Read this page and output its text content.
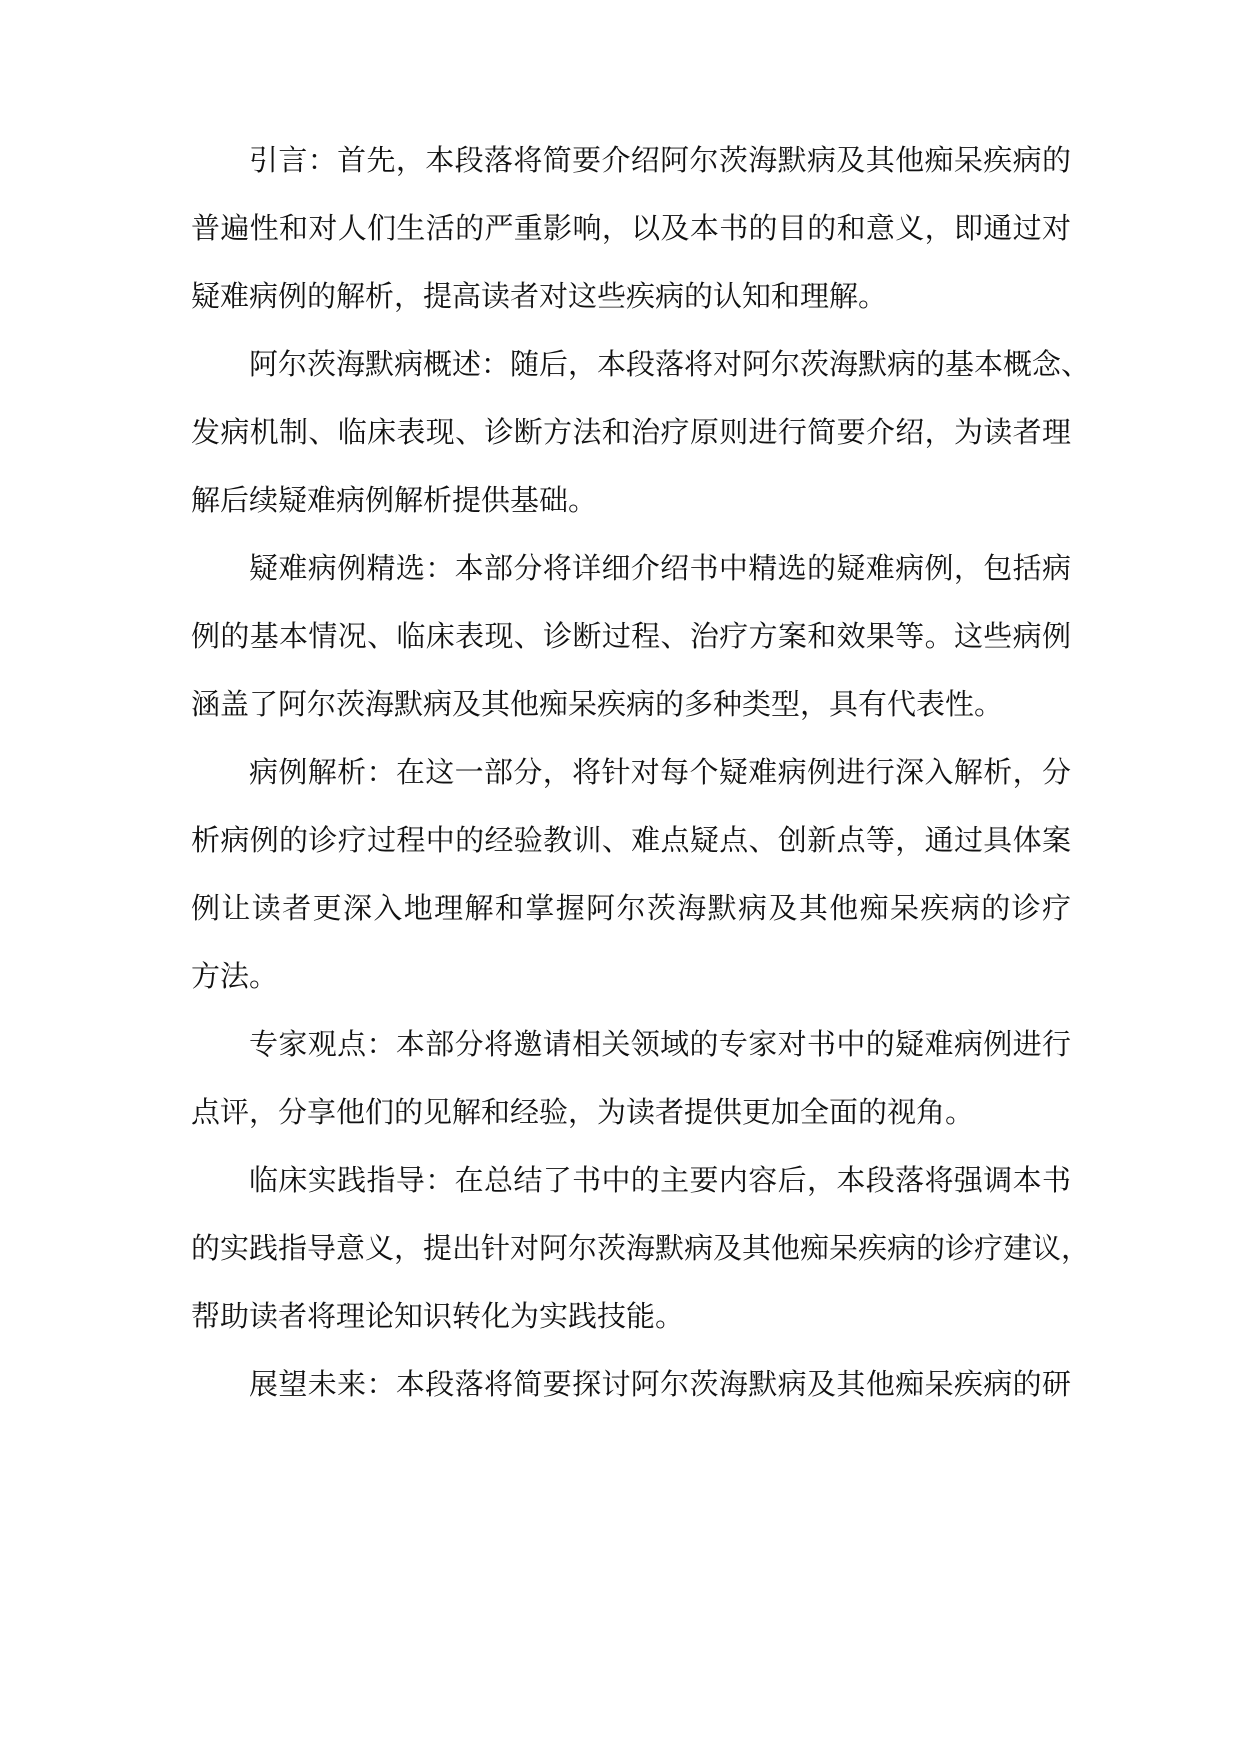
引言：首先，本段落将简要介绍阿尔茨海默病及其他痴呆疾病的
普遍性和对人们生活的严重影响，以及本书的目的和意义，即通过对
疑难病例的解析，提高读者对这些疾病的认知和理解。
阿尔茨海默病概述：随后，本段落将对阿尔茨海默病的基本概念、
发病机制、临床表现、诊断方法和治疗原则进行简要介绍，为读者理
解后续疑难病例解析提供基础。
疑难病例精选：本部分将详细介绍书中精选的疑难病例，包括病
例的基本情况、临床表现、诊断过程、治疗方案和效果等。这些病例
涵盖了阿尔茨海默病及其他痴呆疾病的多种类型，具有代表性。
病例解析：在这一部分，将针对每个疑难病例进行深入解析，分
析病例的诊疗过程中的经验教训、难点疑点、创新点等，通过具体案
例让读者更深入地理解和掌握阿尔茨海默病及其他痴呆疾病的诊疗
方法。
专家观点：本部分将邀请相关领域的专家对书中的疑难病例进行
点评，分享他们的见解和经验，为读者提供更加全面的视角。
临床实践指导：在总结了书中的主要内容后，本段落将强调本书
的实践指导意义，提出针对阿尔茨海默病及其他痴呆疾病的诊疗建议，
帮助读者将理论知识转化为实践技能。
展望未来：本段落将简要探讨阿尔茨海默病及其他痴呆疾病的研
